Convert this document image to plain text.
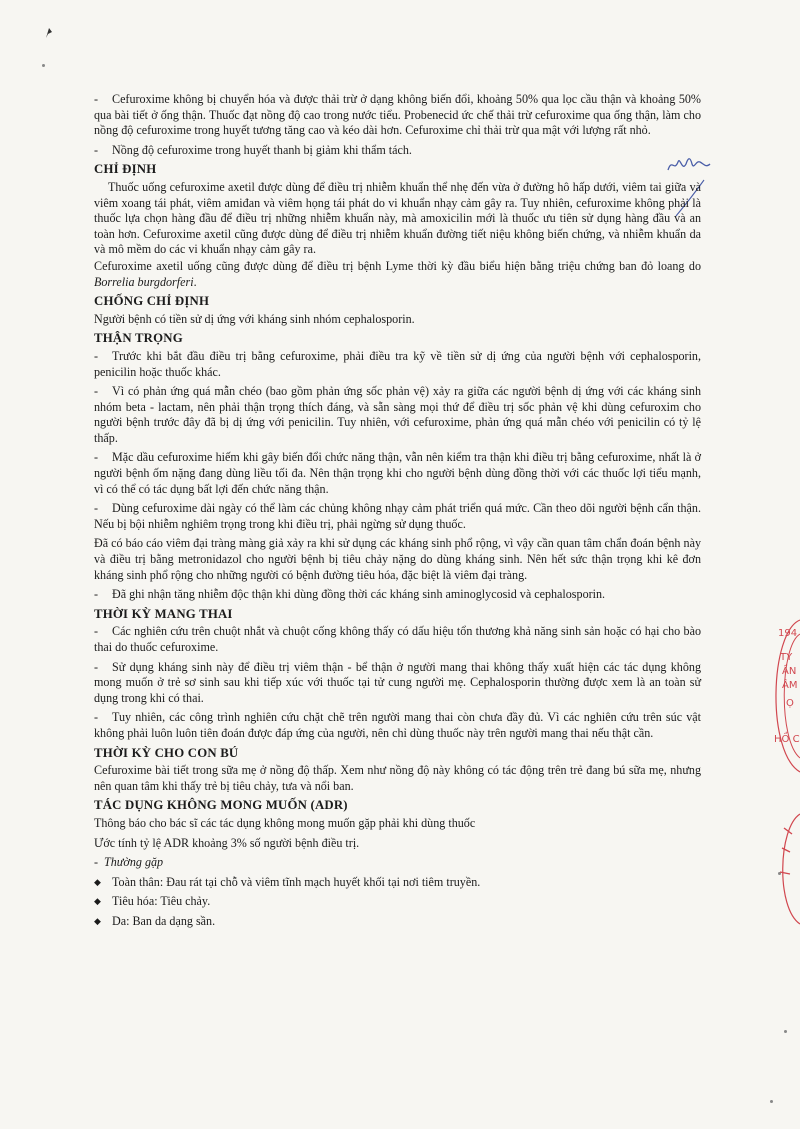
194
TY
ẦN
ÂM
Ọ
HỒ C

- Cefuroxime không bị chuyển hóa và được thải trừ ở dạng không biến đổi, khoảng 50% qua lọc cầu thận và khoảng 50% qua bài tiết ở ống thận. Thuốc đạt nồng độ cao trong nước tiểu. Probenecid ức chế thải trừ cefuroxime qua ống thận, làm cho nồng độ cefuroxime trong huyết tương tăng cao và kéo dài hơn. Cefuroxime chỉ thải trừ qua mật với lượng rất nhỏ.

- Nồng độ cefuroxime trong huyết thanh bị giảm khi thẩm tách.

CHỈ ĐỊNH

Thuốc uống cefuroxime axetil được dùng để điều trị nhiễm khuẩn thể nhẹ đến vừa ở đường hô hấp dưới, viêm tai giữa và viêm xoang tái phát, viêm amiđan và viêm họng tái phát do vi khuẩn nhạy cảm gây ra. Tuy nhiên, cefuroxime không phải là thuốc lựa chọn hàng đầu để điều trị những nhiễm khuẩn này, mà amoxicilin mới là thuốc ưu tiên sử dụng hàng đầu và an toàn hơn. Cefuroxime axetil cũng được dùng để điều trị nhiễm khuẩn đường tiết niệu không biến chứng, và nhiễm khuẩn da và mô mềm do các vi khuẩn nhạy cảm gây ra.

Cefuroxime axetil uống cũng được dùng để điều trị bệnh Lyme thời kỳ đầu biểu hiện bằng triệu chứng ban đỏ loang do Borrelia burgdorferi.

CHỐNG CHỈ ĐỊNH

Người bệnh có tiền sử dị ứng với kháng sinh nhóm cephalosporin.

THẬN TRỌNG

- Trước khi bắt đầu điều trị bằng cefuroxime, phải điều tra kỹ về tiền sử dị ứng của người bệnh với cephalosporin, penicilin hoặc thuốc khác.

- Vì có phản ứng quá mẫn chéo (bao gồm phản ứng sốc phản vệ) xảy ra giữa các người bệnh dị ứng với các kháng sinh nhóm beta - lactam, nên phải thận trọng thích đáng, và sẵn sàng mọi thứ để điều trị sốc phản vệ khi dùng cefuroxim cho người bệnh trước đây đã bị dị ứng với penicilin. Tuy nhiên, với cefuroxime, phản ứng quá mẫn chéo với penicilin có tỷ lệ thấp.

- Mặc dầu cefuroxime hiếm khi gây biến đổi chức năng thận, vẫn nên kiểm tra thận khi điều trị bằng cefuroxime, nhất là ở người bệnh ốm nặng đang dùng liều tối đa. Nên thận trọng khi cho người bệnh dùng đồng thời với các thuốc lợi tiểu mạnh, vì có thể có tác dụng bất lợi đến chức năng thận.

- Dùng cefuroxime dài ngày có thể làm các chủng không nhạy cảm phát triển quá mức. Cần theo dõi người bệnh cẩn thận. Nếu bị bội nhiễm nghiêm trọng trong khi điều trị, phải ngừng sử dụng thuốc.

Đã có báo cáo viêm đại tràng màng giả xảy ra khi sử dụng các kháng sinh phổ rộng, vì vậy cần quan tâm chẩn đoán bệnh này và điều trị bằng metronidazol cho người bệnh bị tiêu chảy nặng do dùng kháng sinh. Nên hết sức thận trọng khi kê đơn kháng sinh phổ rộng cho những người có bệnh đường tiêu hóa, đặc biệt là viêm đại tràng.

- Đã ghi nhận tăng nhiễm độc thận khi dùng đồng thời các kháng sinh aminoglycosid và cephalosporin.

THỜI KỲ MANG THAI

- Các nghiên cứu trên chuột nhắt và chuột cống không thấy có dấu hiệu tổn thương khả năng sinh sản hoặc có hại cho bào thai do thuốc cefuroxime.

- Sử dụng kháng sinh này để điều trị viêm thận - bể thận ở người mang thai không thấy xuất hiện các tác dụng không mong muốn ở trẻ sơ sinh sau khi tiếp xúc với thuốc tại tử cung người mẹ. Cephalosporin thường được xem là an toàn sử dụng trong khi có thai.

- Tuy nhiên, các công trình nghiên cứu chặt chẽ trên người mang thai còn chưa đầy đủ. Vì các nghiên cứu trên súc vật không phải luôn luôn tiên đoán được đáp ứng của người, nên chỉ dùng thuốc này trên người mang thai nếu thật cần.

THỜI KỲ CHO CON BÚ

Cefuroxime bài tiết trong sữa mẹ ở nồng độ thấp. Xem như nồng độ này không có tác động trên trẻ đang bú sữa mẹ, nhưng nên quan tâm khi thấy trẻ bị tiêu chảy, tưa và nổi ban.

TÁC DỤNG KHÔNG MONG MUỐN (ADR)

Thông báo cho bác sĩ các tác dụng không mong muốn gặp phải khi dùng thuốc

Ước tính tỷ lệ ADR khoảng 3% số người bệnh điều trị.

- Thường gặp

◆ Toàn thân: Đau rát tại chỗ và viêm tĩnh mạch huyết khối tại nơi tiêm truyền.

◆ Tiêu hóa: Tiêu chảy.

◆ Da: Ban da dạng sần.
